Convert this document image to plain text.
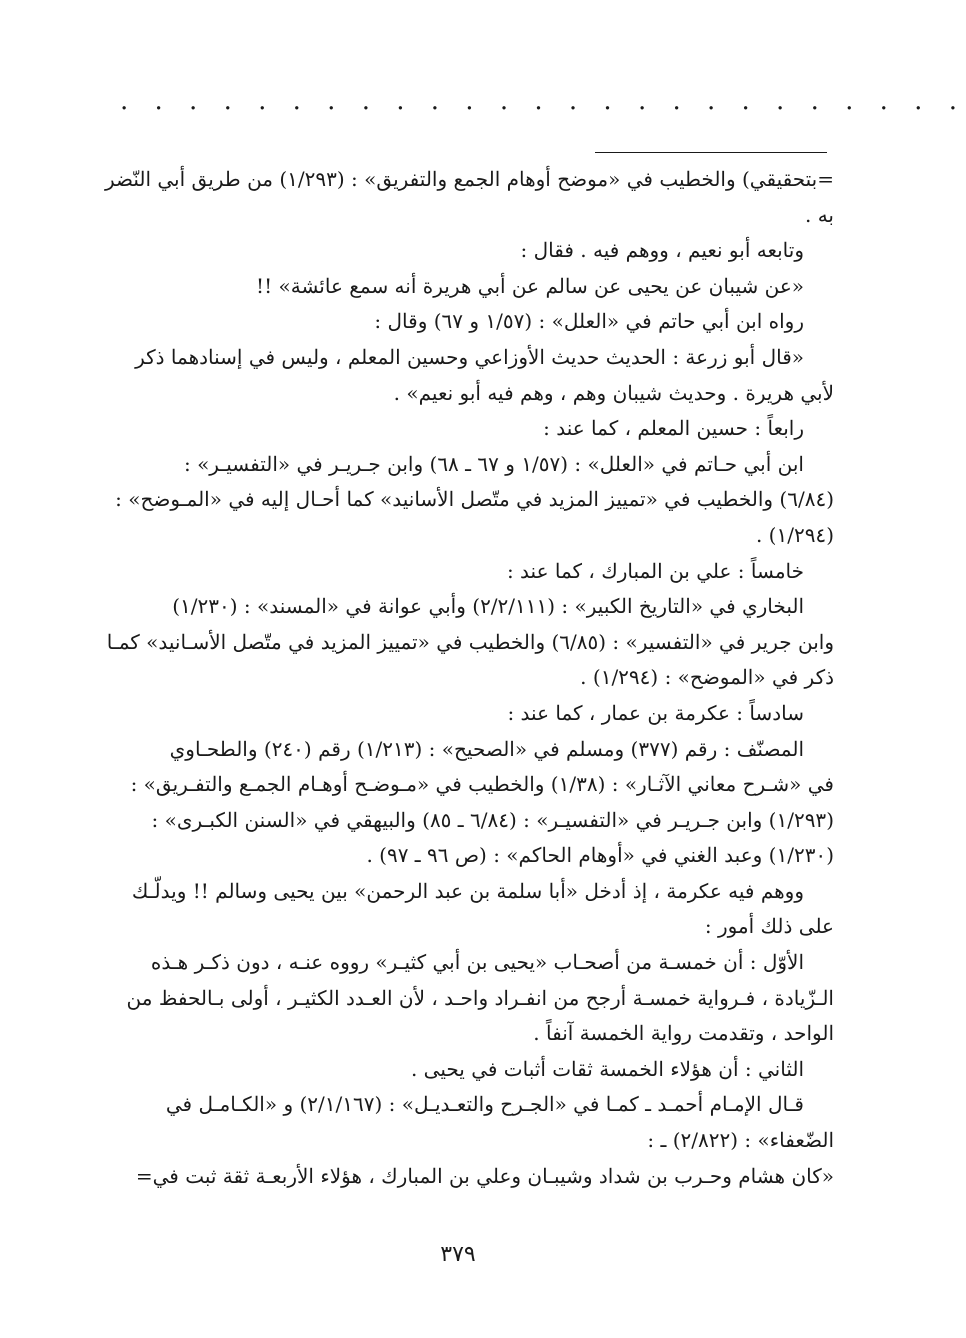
. . . . . . . . . . . . . . . . . . . . . . . . .
=بتحقيقي) والخطيب في «موضح أوهام الجمع والتفريق» : (١/٢٩٣) من طريق أبي النّضر
به .
وتابعه أبو نعيم ، ووهم فيه . فقال :
«عن شيبان عن يحيى عن سالم عن أبي هريرة أنه سمع عائشة» !!
رواه ابن أبي حاتم في «العلل» : (١/٥٧ و ٦٧) وقال :
«قال أبو زرعة : الحديث حديث الأوزاعي وحسين المعلم ، وليس في إسنادهما ذكر
لأبي هريرة . وحديث شيبان وهم ، وهم فيه أبو نعيم» .
رابعاً : حسين المعلم ، كما عند :
ابن أبي حـاتم في «العلل» : (١/٥٧ و ٦٧ ـ ٦٨) وابن جـريـر في «التفسيـر» :
(٦/٨٤) والخطيب في «تمييز المزيد في متّصل الأسانيد» كما أحـال إليه في «المـوضح» :
(١/٢٩٤) .
خامساً : علي بن المبارك ، كما عند :
البخاري في «التاريخ الكبير» : (٢/٢/١١١) وأبي عوانة في «المسند» : (١/٢٣٠)
وابن جرير في «التفسير» : (٦/٨٥) والخطيب في «تمييز المزيد في متّصل الأسـانيد» كمـا
ذكر في «الموضح» : (١/٢٩٤) .
سادساً : عكرمة بن عمار ، كما عند :
المصنّف : رقم (٣٧٧) ومسلم في «الصحيح» : (١/٢١٣) رقم (٢٤٠) والطحـاوي
في «شـرح معاني الآثـار» : (١/٣٨) والخطيب في «مـوضـح أوهـام الجمـع والتفـريق» :
(١/٢٩٣) وابن جـريـر في «التفسيـر» : (٦/٨٤ ـ ٨٥) والبيهقي في «السنن الكبـرى» :
(١/٢٣٠) وعبد الغني في «أوهام الحاكم» : (ص ٩٦ ـ ٩٧) .
ووهم فيه عكرمة ، إذ أدخل «أبا سلمة بن عبد الرحمن» بين يحيى وسالم !! ويدلّـك
على ذلك أمور :
الأوّل : أن خمسـة من أصحـاب «يحيى بن أبي كثيـر» رووه عنـه ، دون ذكـر هـذه
الـزّيادة ، فـرواية خمسـة أرجح من انفـراد واحـد ، لأن العـدد الكثيـر ، أولى بـالحفظ من
الواحد ، وتقدمت رواية الخمسة آنفاً .
الثاني : أن هؤلاء الخمسة ثقات أثبات في يحيى .
قـال الإمـام أحمـد ـ كمـا في «الجـرح والتعـديـل» : (٢/١/١٦٧) و «الكـامـل في
الضّعفاء» : (٢/٨٢٢) ـ :
«كان هشام وحـرب بن شداد وشيبـان وعلي بن المبارك ، هؤلاء الأربعـة ثقة ثبت في=
٣٧٩
